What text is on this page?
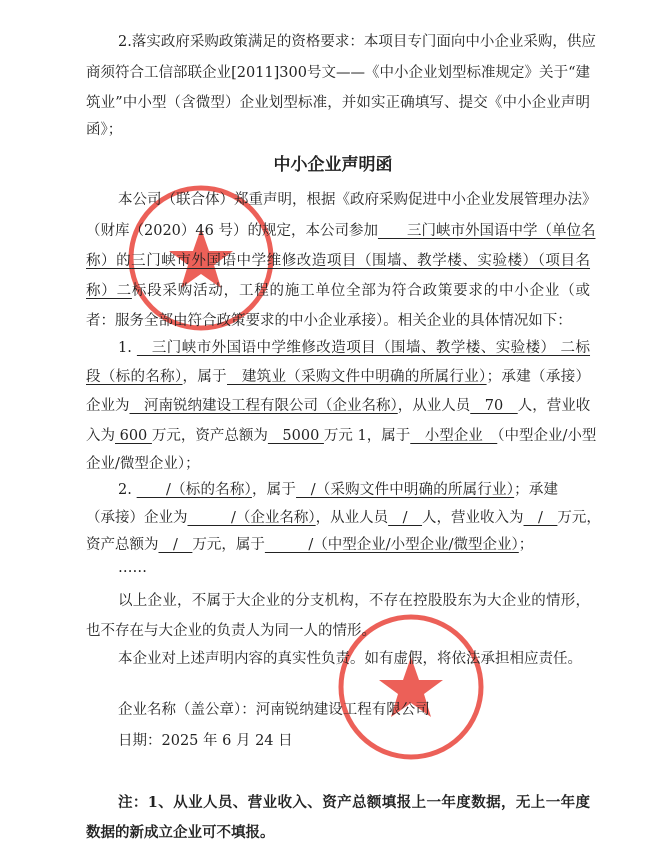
2.落实政府采购政策满足的资格要求：本项目专门面向中小企业采购，供应
商须符合工信部联企业[2011]300号文——《中小企业划型标准规定》关于“建
筑业”中小型（含微型）企业划型标准，并如实正确填写、提交《中小企业声明
函》；
中小企业声明函
本公司（联合体）郑重声明，根据《政府采购促进中小企业发展管理办法》
（财库（2020）46 号）的规定，本公司参加　　三门峡市外国语中学（单位名
称）的三门峡市外国语中学维修改造项目（围墙、教学楼、实验楼）（项目名
称）二标段采购活动，工程的施工单位全部为符合政策要求的中小企业（或
者：服务全部由符合政策要求的中小企业承接）。相关企业的具体情况如下：
1. 　三门峡市外国语中学维修改造项目（围墙、教学楼、实验楼） 二标
段（标的名称），属于　建筑业（采购文件中明确的所属行业）；承建（承接）
企业为　河南锐纳建设工程有限公司（企业名称），从业人员　70　人，营业收
入为 600 万元，资产总额为　5000 万元 1，属于　小型企业　（中型企业/小型
企业/微型企业）；
2. 　　/（标的名称），属于　/（采购文件中明确的所属行业）；承建
（承接）企业为　　　/（企业名称），从业人员　/　人，营业收入为　/　万元，
资产总额为　/　万元，属于　　　/（中型企业/小型企业/微型企业）；
……
以上企业，不属于大企业的分支机构，不存在控股股东为大企业的情形，
也不存在与大企业的负责人为同一人的情形。
本企业对上述声明内容的真实性负责。如有虚假，将依法承担相应责任。
企业名称（盖公章）：河南锐纳建设工程有限公司
日期：2025 年 6 月 24 日
注：1、从业人员、营业收入、资产总额填报上一年度数据，无上一年度
数据的新成立企业可不填报。
